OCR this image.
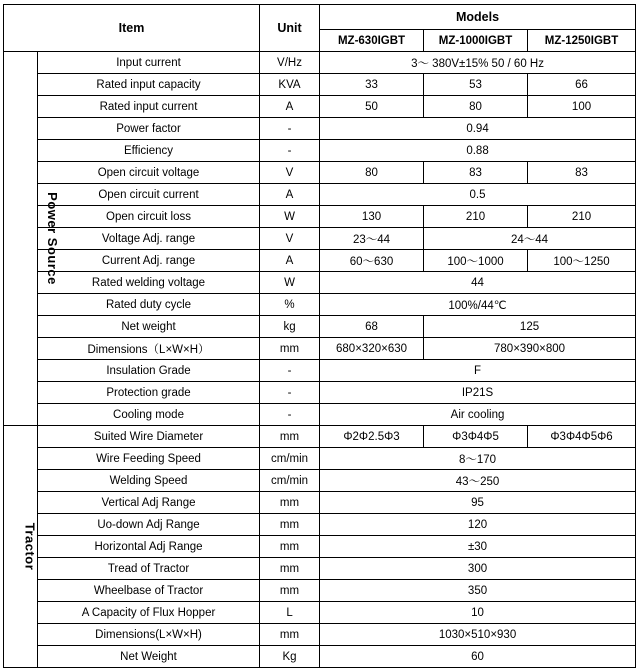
Item		Unit	Models		
			MZ-630IGBT	MZ-1000IGBT	MZ-1250IGBT
Power Source	Input current	V/Hz	3～ 380V±15% 50 / 60 Hz		
	Rated input capacity	KVA	33	53	66
	Rated input current	A	50	80	100
	Power factor	-	0.94		
	Efficiency	-	0.88		
	Open circuit voltage	V	80	83	83
	Open circuit current	A	0.5		
	Open circuit loss	W	130	210	210
	Voltage Adj. range	V	23～44	24～44	
	Current Adj. range	A	60～630	100～1000	100～1250
	Rated welding voltage	W	44		
	Rated duty cycle	%	100%/44℃		
	Net weight	kg	68	125	
	Dimensions（L×W×H）	mm	680×320×630	780×390×800	
	Insulation Grade	-	F		
	Protection grade	-	IP21S		
	Cooling mode	-	Air cooling		
Tractor	Suited Wire Diameter	mm	Φ2Φ2.5Φ3	Φ3Φ4Φ5	Φ3Φ4Φ5Φ6
	Wire Feeding Speed	cm/min	8～170		
	Welding Speed	cm/min	43～250		
	Vertical Adj Range	mm	95		
	Uo-down Adj Range	mm	120		
	Horizontal Adj Range	mm	±30		
	Tread of Tractor	mm	300		
	Wheelbase of Tractor	mm	350		
	A Capacity of Flux Hopper	L	10		
	Dimensions(L×W×H)	mm	1030×510×930		
	Net Weight	Kg	60		
